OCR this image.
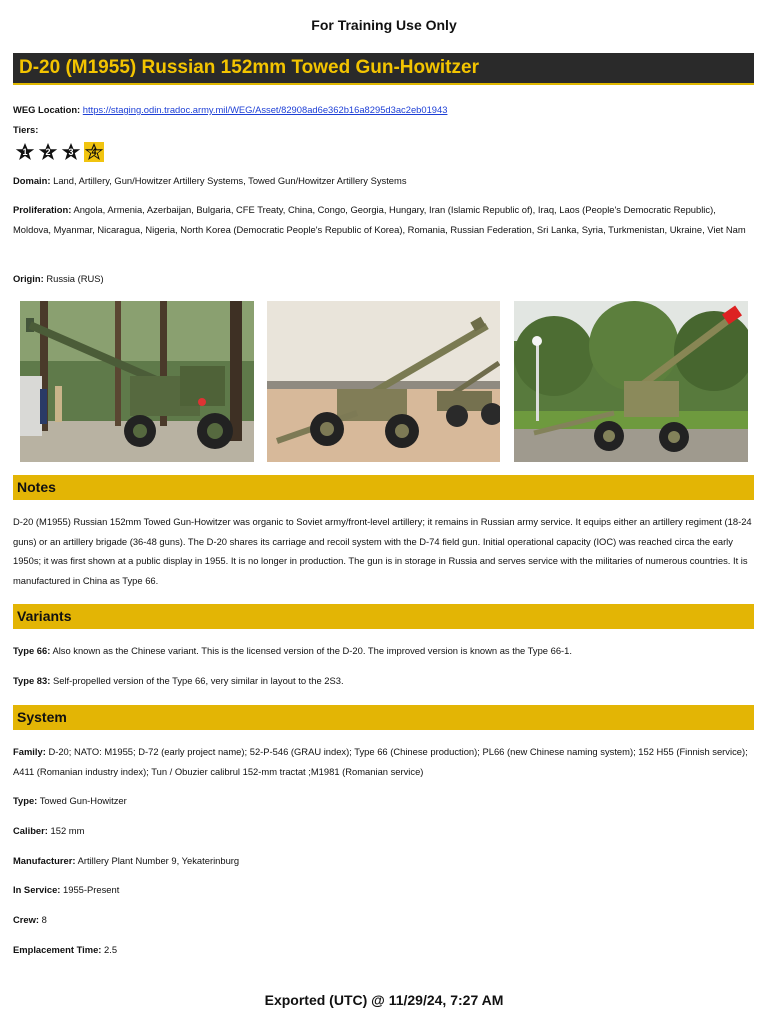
For Training Use Only
D-20 (M1955) Russian 152mm Towed Gun-Howitzer
WEG Location: https://staging.odin.tradoc.army.mil/WEG/Asset/82908ad6e362b16a8295d3ac2eb01943
Tiers:
1 2 3 4
Domain: Land, Artillery, Gun/Howitzer Artillery Systems, Towed Gun/Howitzer Artillery Systems
Proliferation: Angola, Armenia, Azerbaijan, Bulgaria, CFE Treaty, China, Congo, Georgia, Hungary, Iran (Islamic Republic of), Iraq, Laos (People's Democratic Republic), Moldova, Myanmar, Nicaragua, Nigeria, North Korea (Democratic People's Republic of Korea), Romania, Russian Federation, Sri Lanka, Syria, Turkmenistan, Ukraine, Viet Nam
Origin: Russia (RUS)
Notes
D-20 (M1955) Russian 152mm Towed Gun-Howitzer was organic to Soviet army/front-level artillery; it remains in Russian army service. It equips either an artillery regiment (18-24 guns) or an artillery brigade (36-48 guns). The D-20 shares its carriage and recoil system with the D-74 field gun. Initial operational capacity (IOC) was reached circa the early 1950s; it was first shown at a public display in 1955. It is no longer in production. The gun is in storage in Russia and serves service with the militaries of numerous countries. It is manufactured in China as Type 66.
Variants
Type 66: Also known as the Chinese variant. This is the licensed version of the D-20. The improved version is known as the Type 66-1.
Type 83: Self-propelled version of the Type 66, very similar in layout to the 2S3.
System
Family: D-20; NATO: M1955; D-72 (early project name); 52-P-546 (GRAU index); Type 66 (Chinese production); PL66 (new Chinese naming system); 152 H55 (Finnish service); A411 (Romanian industry index); Tun / Obuzier calibrul 152-mm tractat ;M1981 (Romanian service)
Type: Towed Gun-Howitzer
Caliber: 152 mm
Manufacturer: Artillery Plant Number 9, Yekaterinburg
In Service: 1955-Present
Crew: 8
Emplacement Time: 2.5
Exported (UTC) @ 11/29/24, 7:27 AM
